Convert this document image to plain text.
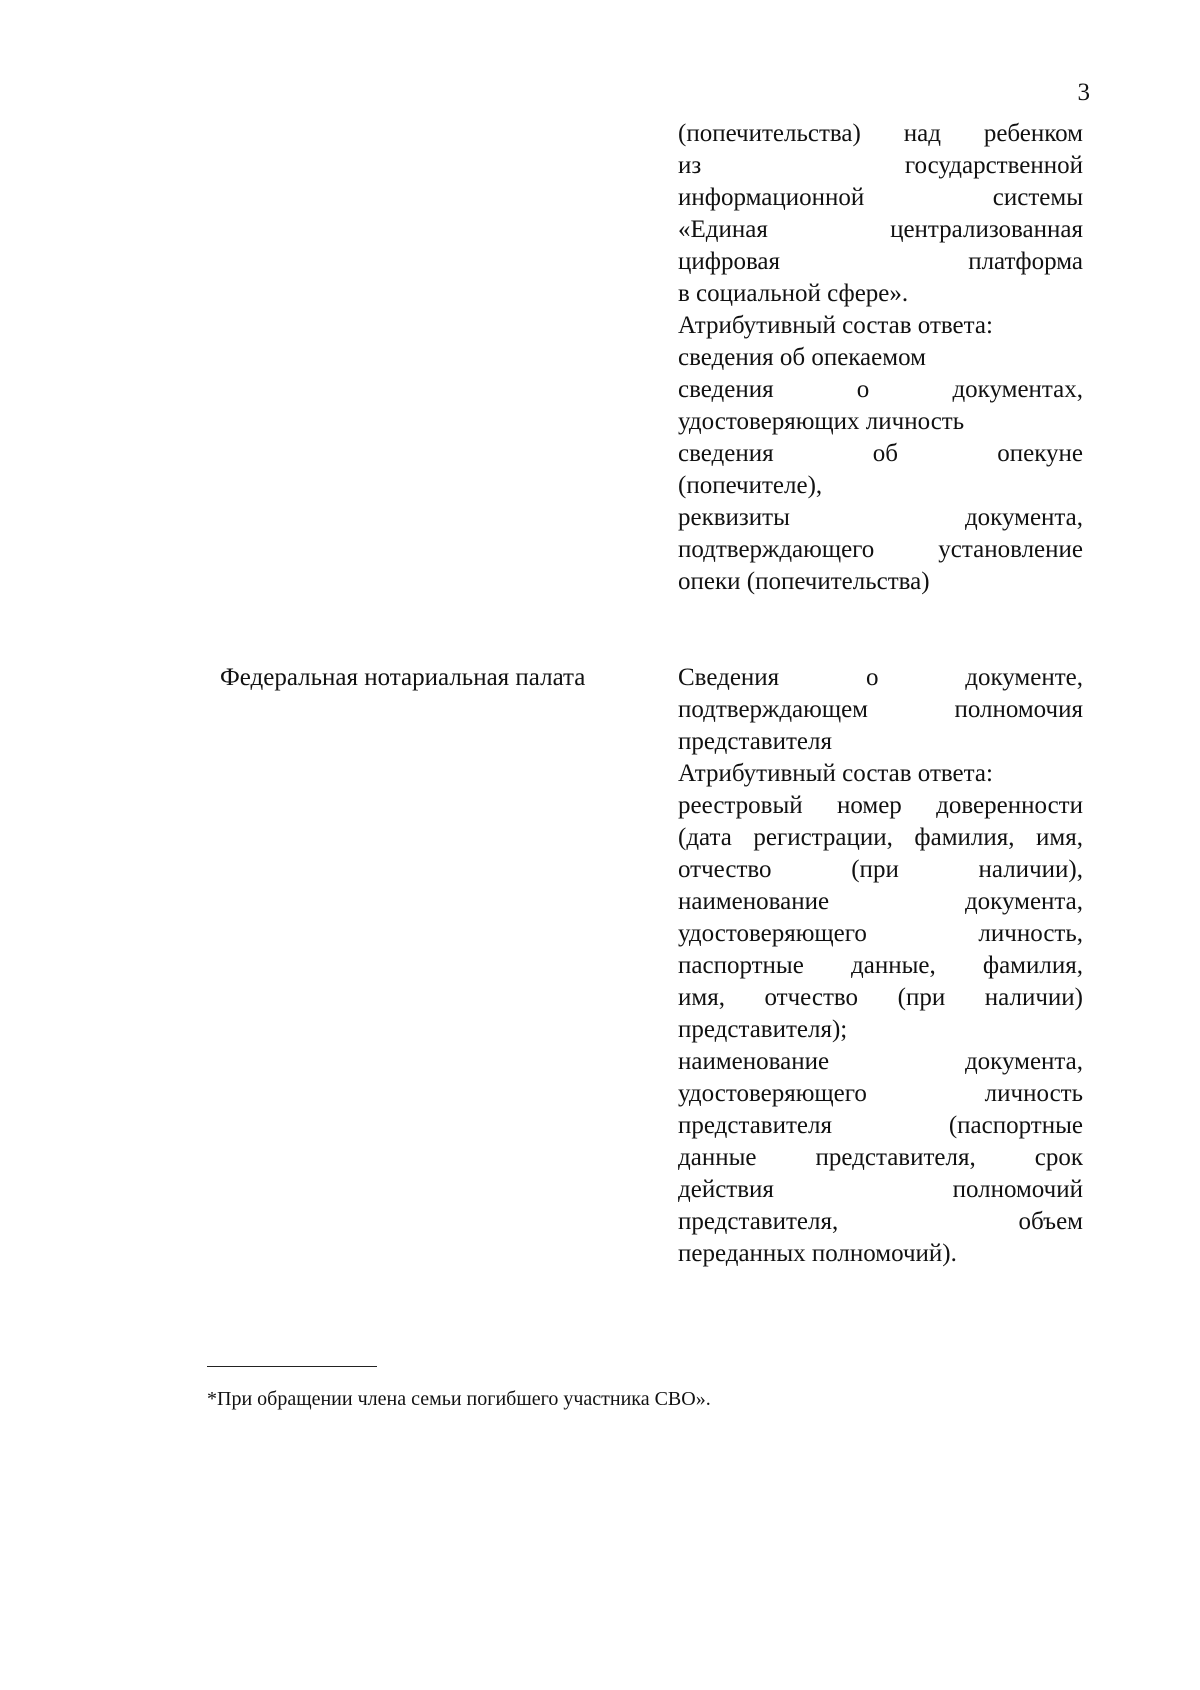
3
(попечительства) над ребенком
из	государственной
информационной	системы
«Единая	централизованная
цифровая	платформа
в социальной сфере».
Атрибутивный состав ответа:
сведения об опекаемом
сведения	о	документах,
удостоверяющих личность
сведения	об	опекуне
(попечителе),
реквизиты	документа,
подтверждающего	установление
опеки (попечительства)
Федеральная нотариальная палата	Сведения	о	документе,
подтверждающем	полномочия
представителя
Атрибутивный состав ответа:
реестровый номер доверенности
(дата регистрации, фамилия, имя,
отчество	(при	наличии),
наименование	документа,
удостоверяющего	личность,
паспортные данные, фамилия,
имя, отчество (при наличии)
представителя);
наименование	документа,
удостоверяющего	личность
представителя	(паспортные
данные представителя, срок
действия	полномочий
представителя,	объем
переданных полномочий).
*При обращении члена семьи погибшего участника СВО».
